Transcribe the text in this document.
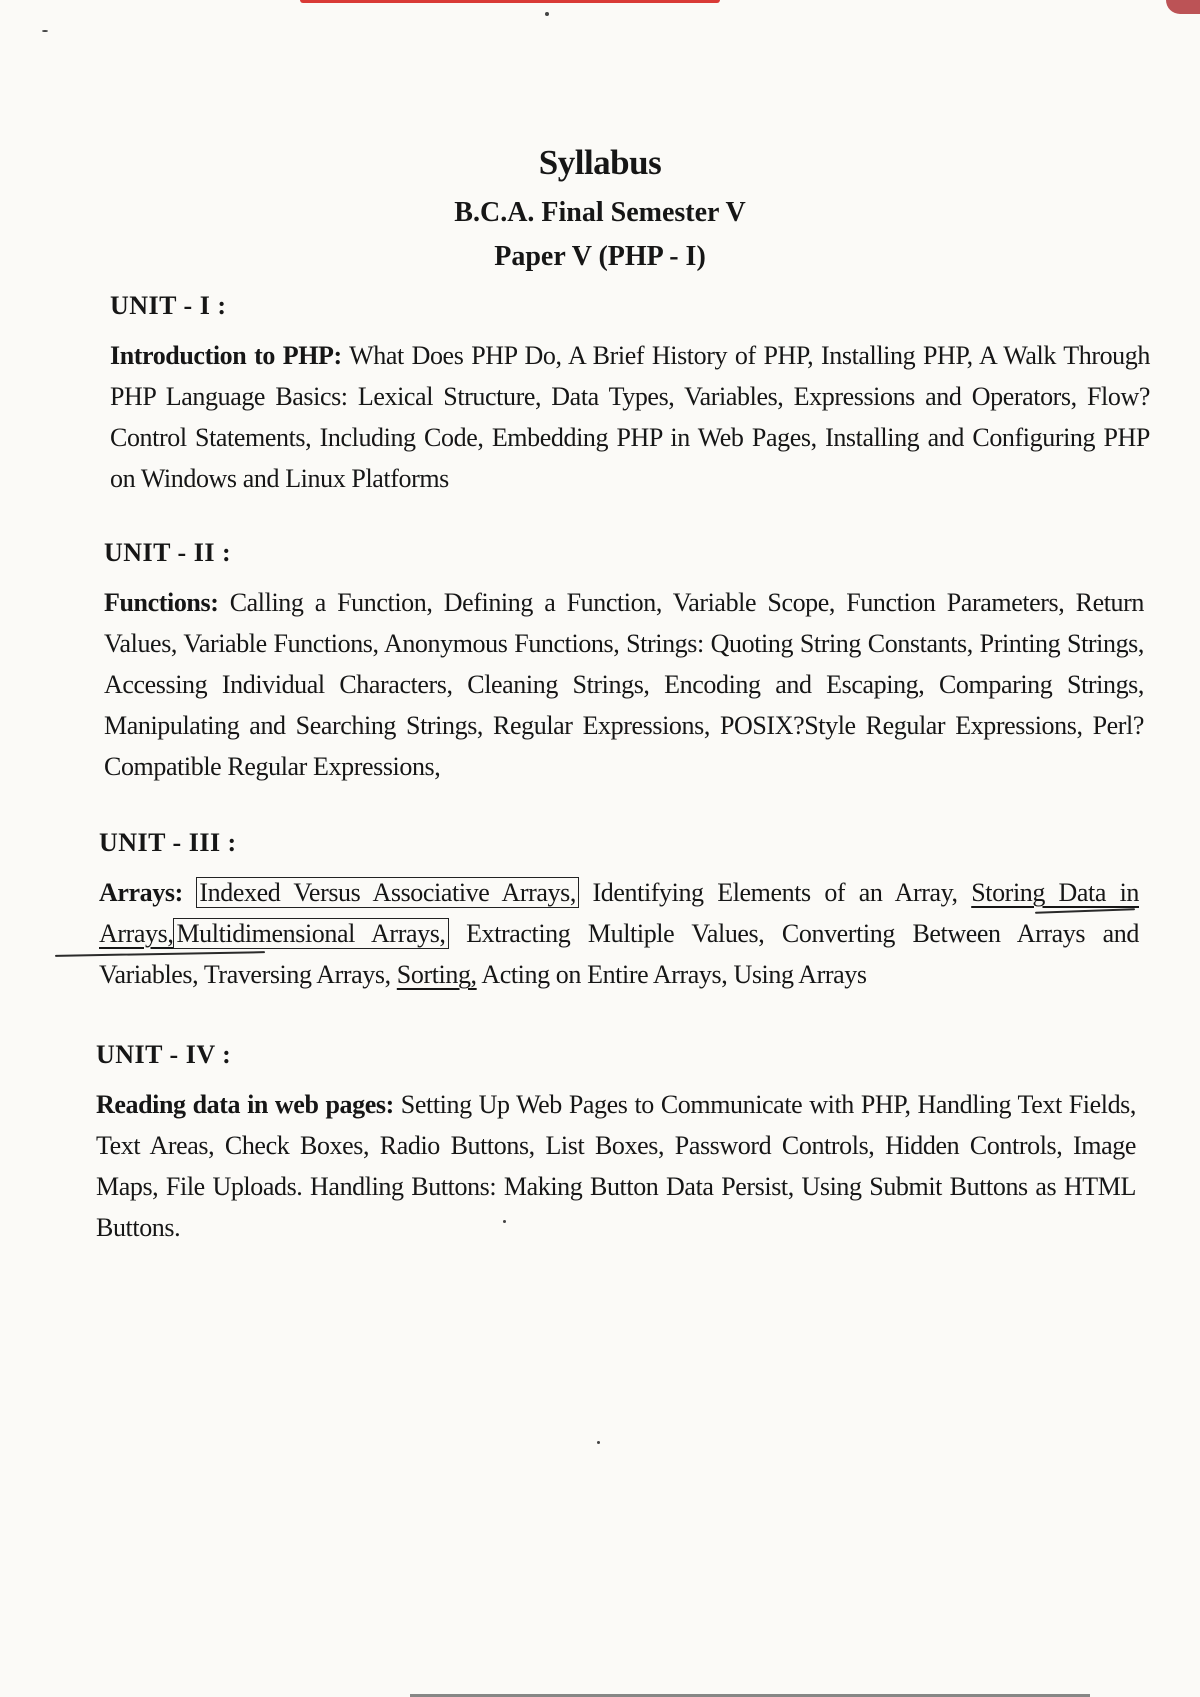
Syllabus
B.C.A. Final Semester V
Paper V (PHP - I)
UNIT - I :

Introduction to PHP: What Does PHP Do, A Brief History of PHP, Installing PHP, A Walk Through PHP Language Basics: Lexical Structure, Data Types, Variables, Expressions and Operators, Flow?Control Statements, Including Code, Embedding PHP in Web Pages, Installing and Configuring PHP on Windows and Linux Platforms

UNIT - II :

Functions: Calling a Function, Defining a Function, Variable Scope, Function Parameters, Return Values, Variable Functions, Anonymous Functions, Strings: Quoting String Constants, Printing Strings, Accessing Individual Characters, Cleaning Strings, Encoding and Escaping, Comparing Strings, Manipulating and Searching Strings, Regular Expressions, POSIX?Style Regular Expressions, Perl?Compatible Regular Expressions,

UNIT - III :

Arrays: Indexed Versus Associative Arrays, Identifying Elements of an Array, Storing Data in Arrays, Multidimensional Arrays, Extracting Multiple Values, Converting Between Arrays and Variables, Traversing Arrays, Sorting, Acting on Entire Arrays, Using Arrays

UNIT - IV :

Reading data in web pages: Setting Up Web Pages to Communicate with PHP, Handling Text Fields, Text Areas, Check Boxes, Radio Buttons, List Boxes, Password Controls, Hidden Controls, Image Maps, File Uploads. Handling Buttons: Making Button Data Persist, Using Submit Buttons as HTML Buttons.
